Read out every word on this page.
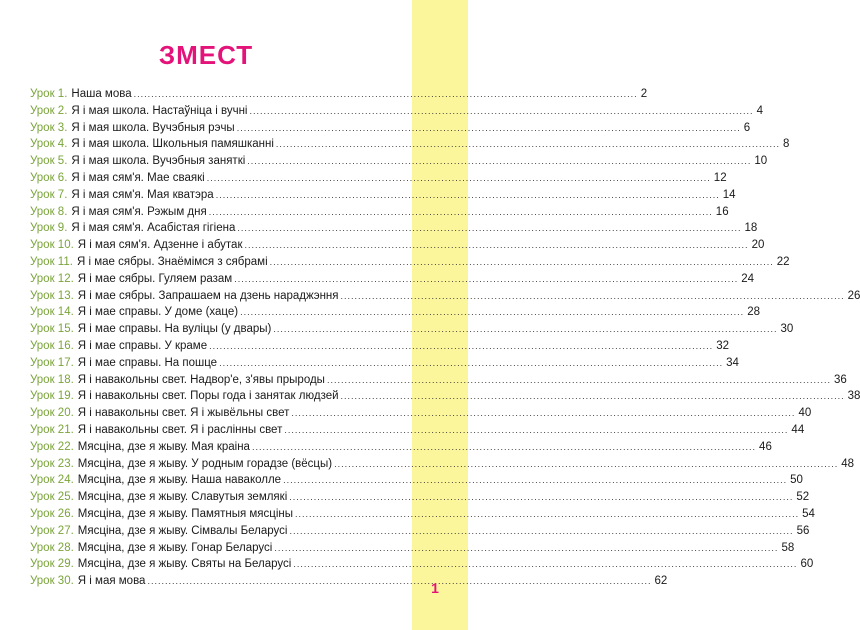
ЗМЕСТ
Урок 1. Наша мова .....	2
Урок 2. Я і мая школа. Настаўніца і вучні .....	4
Урок 3. Я і мая школа. Вучэбныя рэчы .....	6
Урок 4. Я і мая школа. Школьныя памяшканні .....	8
Урок 5. Я і мая школа. Вучэбныя заняткі .....	10
Урок 6. Я і мая сям'я. Мае сваякі .....	12
Урок 7. Я і мая сям'я. Мая кватэра .....	14
Урок 8. Я і мая сям'я. Рэжым дня .....	16
Урок 9. Я і мая сям'я. Асабістая гігіена .....	18
Урок 10. Я і мая сям'я. Адзенне і абутак .....	20
Урок 11. Я і мае сябры. Знаёмімся з сябрамі .....	22
Урок 12. Я і мае сябры. Гуляем разам .....	24
Урок 13. Я і мае сябры. Запрашаем на дзень нараджэння .....	26
Урок 14. Я і мае справы. У доме (хаце) .....	28
Урок 15. Я і мае справы. На вуліцы (у двары) .....	30
Урок 16. Я і мае справы. У краме .....	32
Урок 17. Я і мае справы. На пошце .....	34
Урок 18. Я і навакольны свет. Надвор'е, з'явы прыроды .....	36
Урок 19. Я і навакольны свет. Поры года і занятак людзей .....	38
Урок 20. Я і навакольны свет. Я і жывёльны свет .....	40
Урок 21. Я і навакольны свет. Я і раслінны свет .....	44
Урок 22. Мясціна, дзе я жыву. Мая краіна .....	46
Урок 23. Мясціна, дзе я жыву. У родным горадзе (вёсцы) .....	48
Урок 24. Мясціна, дзе я жыву. Наша наваколле .....	50
Урок 25. Мясціна, дзе я жыву. Славутыя землякі .....	52
Урок 26. Мясціна, дзе я жыву. Памятныя мясціны .....	54
Урок 27. Мясціна, дзе я жыву. Сімвалы Беларусі .....	56
Урок 28. Мясціна, дзе я жыву. Гонар Беларусі .....	58
Урок 29. Мясціна, дзе я жыву. Святы на Беларусі .....	60
Урок 30. Я і мая мова .....	62
1
